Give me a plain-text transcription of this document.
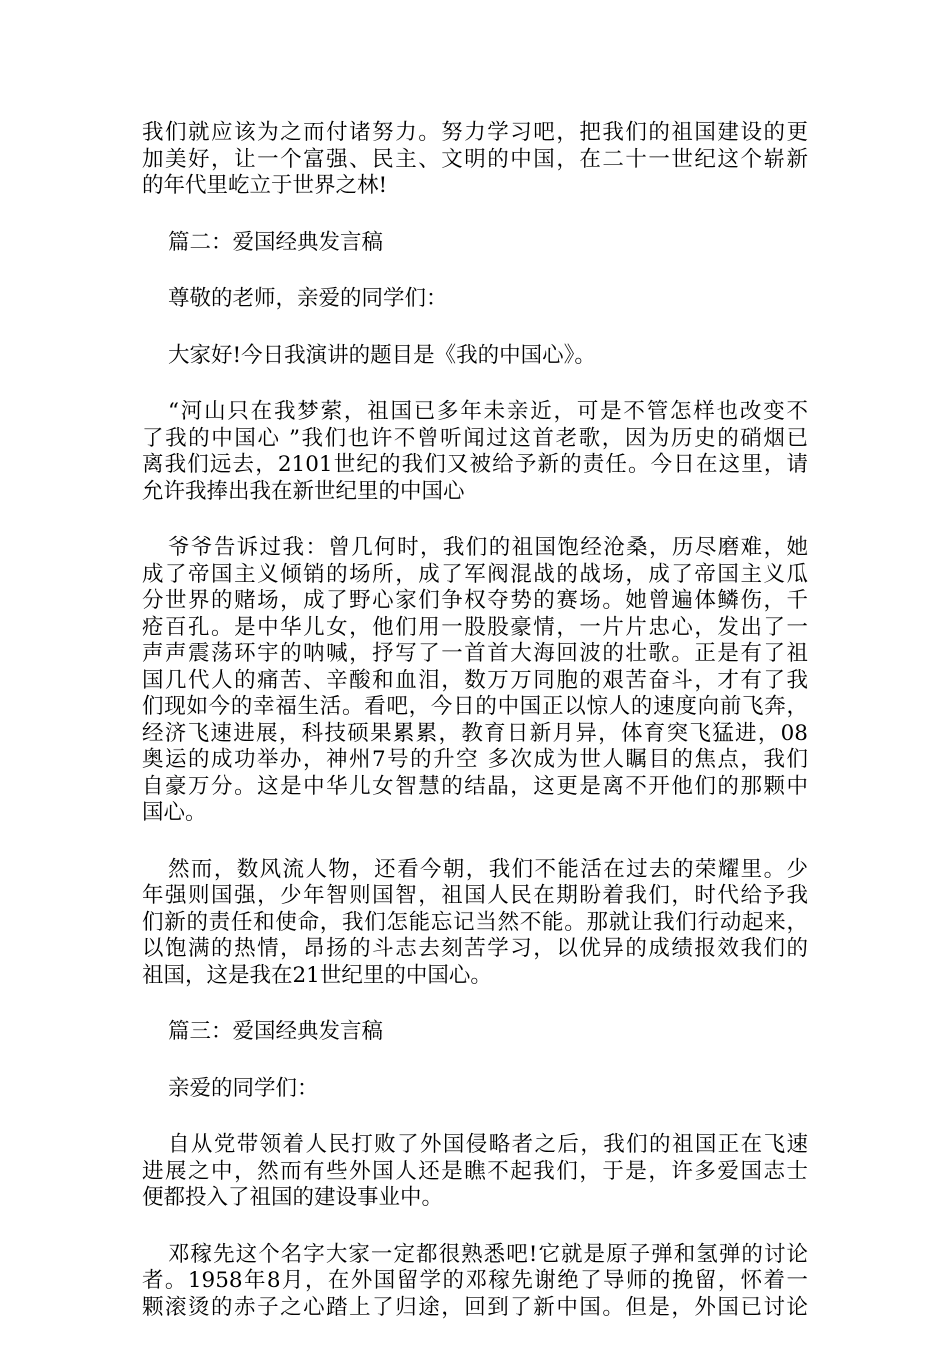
我们就应该为之而付诸努力。努力学习吧，把我们的祖国建设的更
加美好，让一个富强、民主、文明的中国，在二十一世纪这个崭新
的年代里屹立于世界之林!

篇二：爱国经典发言稿

尊敬的老师，亲爱的同学们：

大家好!今日我演讲的题目是《我的中国心》。

“河山只在我梦萦，祖国已多年未亲近，可是不管怎样也改变不
了我的中国心 ”我们也许不曾听闻过这首老歌，因为历史的硝烟已
离我们远去，2101世纪的我们又被给予新的责任。今日在这里，请
允许我捧出我在新世纪里的中国心

爷爷告诉过我：曾几何时，我们的祖国饱经沧桑，历尽磨难，她
成了帝国主义倾销的场所，成了军阀混战的战场，成了帝国主义瓜
分世界的赌场，成了野心家们争权夺势的赛场。她曾遍体鳞伤，千
疮百孔。是中华儿女，他们用一股股豪情，一片片忠心，发出了一
声声震荡环宇的呐喊，抒写了一首首大海回波的壮歌。正是有了祖
国几代人的痛苦、辛酸和血泪，数万万同胞的艰苦奋斗，才有了我
们现如今的幸福生活。看吧，今日的中国正以惊人的速度向前飞奔，
经济飞速进展，科技硕果累累，教育日新月异，体育突飞猛进，08
奥运的成功举办，神州7号的升空 多次成为世人瞩目的焦点，我们
自豪万分。这是中华儿女智慧的结晶，这更是离不开他们的那颗中
国心。

然而，数风流人物，还看今朝，我们不能活在过去的荣耀里。少
年强则国强，少年智则国智，祖国人民在期盼着我们，时代给予我
们新的责任和使命，我们怎能忘记当然不能。那就让我们行动起来，
以饱满的热情，昂扬的斗志去刻苦学习，以优异的成绩报效我们的
祖国，这是我在21世纪里的中国心。

篇三：爱国经典发言稿

亲爱的同学们：

自从党带领着人民打败了外国侵略者之后，我们的祖国正在飞速
进展之中，然而有些外国人还是瞧不起我们，于是，许多爱国志士
便都投入了祖国的建设事业中。

邓稼先这个名字大家一定都很熟悉吧!它就是原子弹和氢弹的讨论
者。1958年8月，在外国留学的邓稼先谢绝了导师的挽留，怀着一
颗滚烫的赤子之心踏上了归途，回到了新中国。但是，外国已讨论
